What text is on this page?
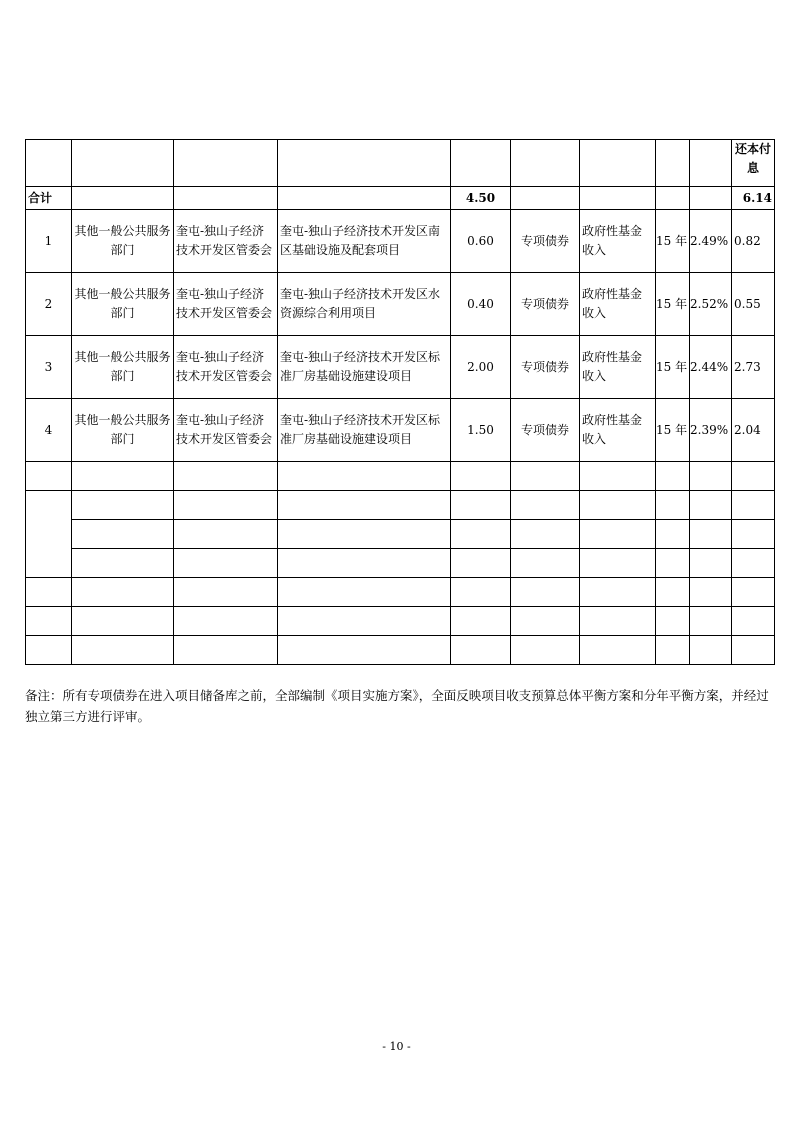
									还本付息
合计				4.50					6.14
1	其他一般公共服务部门	奎屯-独山子经济技术开发区管委会	奎屯-独山子经济技术开发区南区基础设施及配套项目	0.60	专项债券	政府性基金收入	15 年	2.49%	0.82
2	其他一般公共服务部门	奎屯-独山子经济技术开发区管委会	奎屯-独山子经济技术开发区水资源综合利用项目	0.40	专项债券	政府性基金收入	15 年	2.52%	0.55
3	其他一般公共服务部门	奎屯-独山子经济技术开发区管委会	奎屯-独山子经济技术开发区标准厂房基础设施建设项目	2.00	专项债券	政府性基金收入	15 年	2.44%	2.73
4	其他一般公共服务部门	奎屯-独山子经济技术开发区管委会	奎屯-独山子经济技术开发区标准厂房基础设施建设项目	1.50	专项债券	政府性基金收入	15 年	2.39%	2.04

备注：所有专项债券在进入项目储备库之前，全部编制《项目实施方案》，全面反映项目收支预算总体平衡方案和分年平衡方案，并经过独立第三方进行评审。
- 10 -
